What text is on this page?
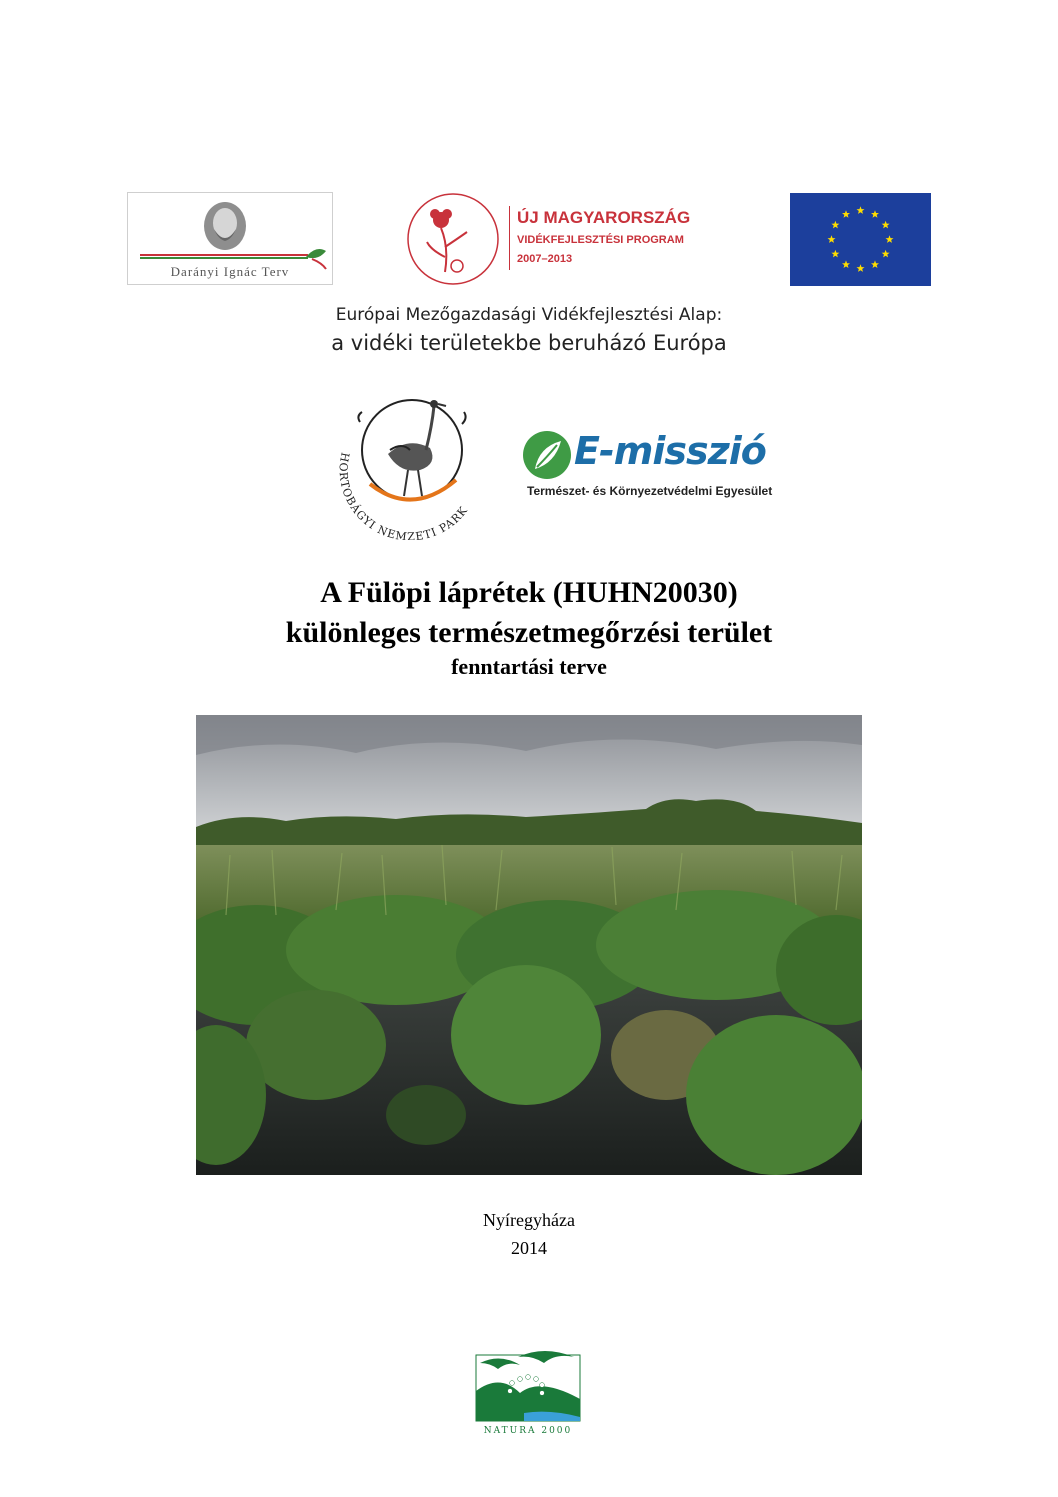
Darányi Ignác Terv
ÚJ MAGYARORSZÁG
VIDÉKFEJLESZTÉSI PROGRAM
2007–2013
Európai Mezőgazdasági Vidékfejlesztési Alap:
a vidéki területekbe beruházó Európa
HORTOBÁGYI NEMZETI PARK
E-misszió
Természet- és Környezetvédelmi Egyesület
A Fülöpi láprétek (HUHN20030)
különleges természetmegőrzési terület
fenntartási terve
Nyíregyháza
2014
NATURA 2000
